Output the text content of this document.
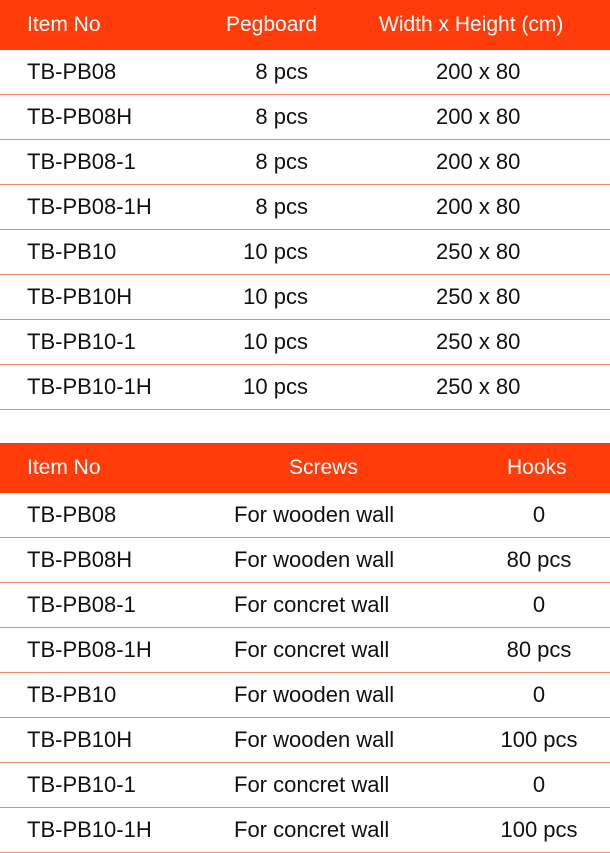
Item No	Pegboard	Width x Height (cm)
TB-PB08	8 pcs	200 x 80
TB-PB08H	8 pcs	200 x 80
TB-PB08-1	8 pcs	200 x 80
TB-PB08-1H	8 pcs	200 x 80
TB-PB10	10 pcs	250 x 80
TB-PB10H	10 pcs	250 x 80
TB-PB10-1	10 pcs	250 x 80
TB-PB10-1H	10 pcs	250 x 80
Item No	Screws	Hooks
TB-PB08	For wooden wall	0
TB-PB08H	For wooden wall	80 pcs
TB-PB08-1	For concret wall	0
TB-PB08-1H	For concret wall	80 pcs
TB-PB10	For wooden wall	0
TB-PB10H	For wooden wall	100 pcs
TB-PB10-1	For concret wall	0
TB-PB10-1H	For concret wall	100 pcs
